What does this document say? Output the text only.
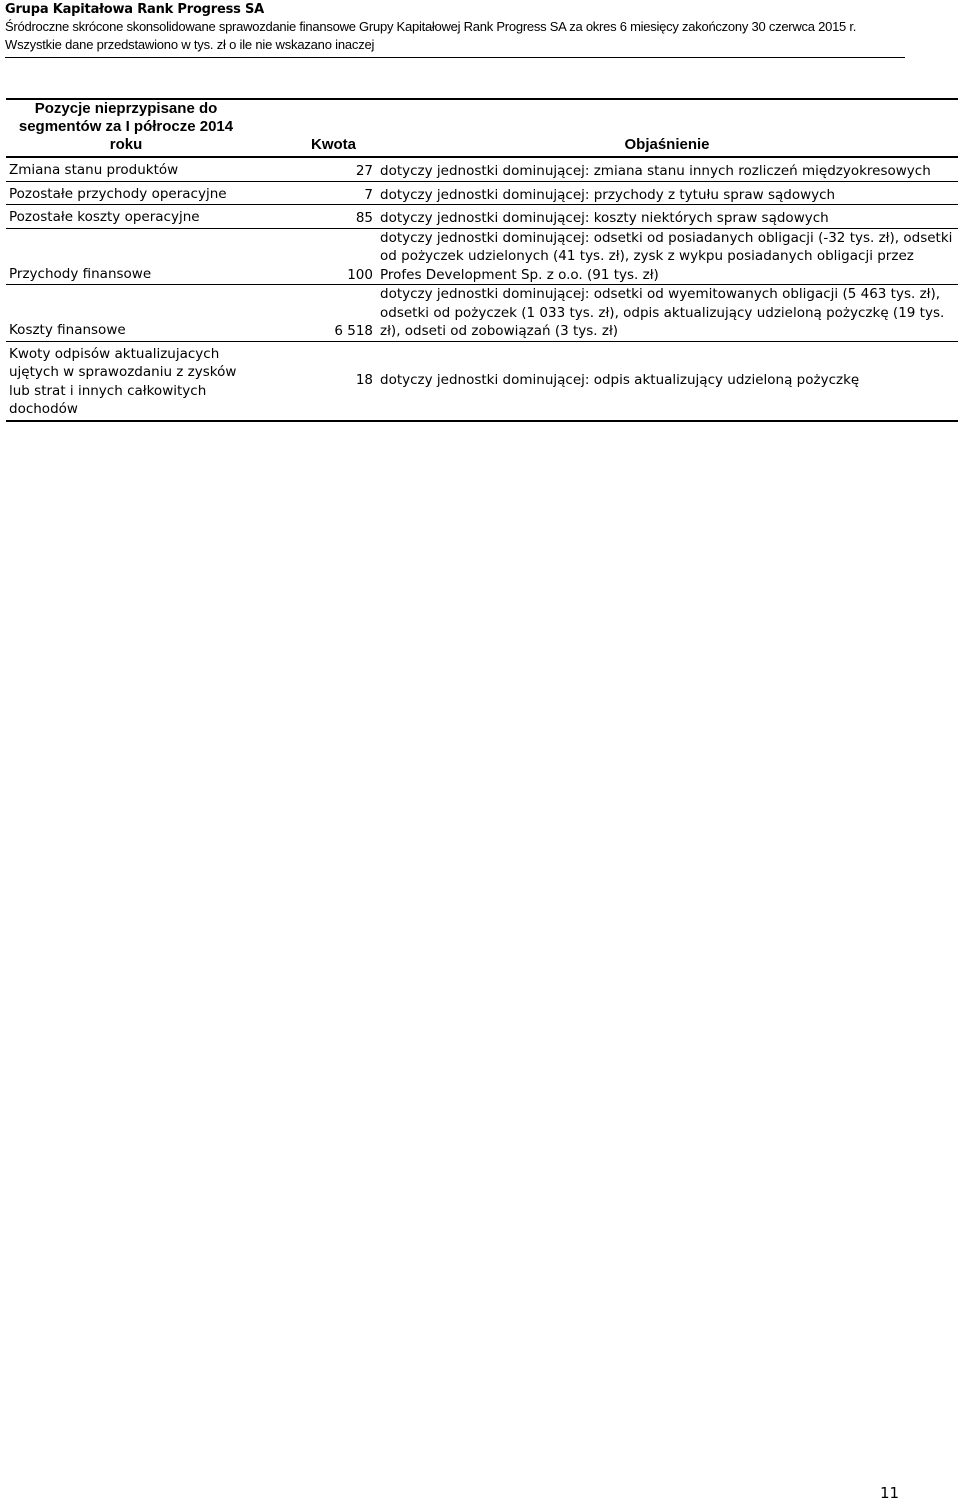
Grupa Kapitałowa Rank Progress SA
Śródroczne skrócone skonsolidowane sprawozdanie finansowe Grupy Kapitałowej Rank Progress SA za okres 6 miesięcy zakończony 30 czerwca 2015 r.
Wszystkie dane przedstawiono w tys. zł o ile nie wskazano inaczej
Pozycje nieprzypisane do segmentów za I półrocze 2014 roku	Kwota	Objaśnienie
Zmiana stanu produktów	27	dotyczy jednostki dominującej: zmiana stanu innych rozliczeń międzyokresowych
Pozostałe przychody operacyjne	7	dotyczy jednostki dominującej: przychody z tytułu spraw sądowych
Pozostałe koszty operacyjne	85	dotyczy jednostki dominującej: koszty niektórych spraw sądowych
Przychody finansowe	100	dotyczy jednostki dominującej: odsetki od posiadanych obligacji (-32 tys. zł), odsetki od pożyczek udzielonych (41 tys. zł), zysk z wykpu posiadanych obligacji przez Profes Development Sp. z o.o. (91 tys. zł)
Koszty finansowe	6 518	dotyczy jednostki dominującej: odsetki od wyemitowanych obligacji (5 463 tys. zł), odsetki od pożyczek (1 033 tys. zł), odpis aktualizujący udzieloną pożyczkę (19 tys. zł), odseti od zobowiązań (3 tys. zł)
Kwoty odpisów aktualizujacych ujętych w sprawozdaniu z zysków lub strat i innych całkowitych dochodów	18	dotyczy jednostki dominującej: odpis aktualizujący udzieloną pożyczkę
11
